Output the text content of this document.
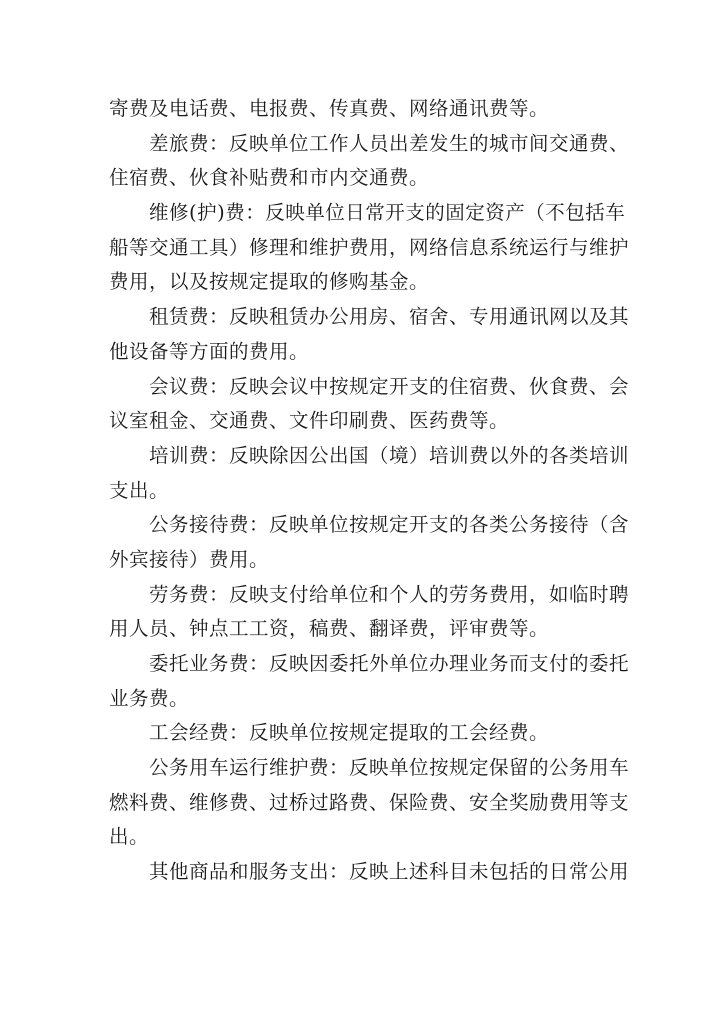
寄费及电话费、电报费、传真费、网络通讯费等。
差旅费：反映单位工作人员出差发生的城市间交通费、
住宿费、伙食补贴费和市内交通费。
维修(护)费：反映单位日常开支的固定资产（不包括车
船等交通工具）修理和维护费用，网络信息系统运行与维护
费用，以及按规定提取的修购基金。
租赁费：反映租赁办公用房、宿舍、专用通讯网以及其
他设备等方面的费用。
会议费：反映会议中按规定开支的住宿费、伙食费、会
议室租金、交通费、文件印刷费、医药费等。
培训费：反映除因公出国（境）培训费以外的各类培训
支出。
公务接待费：反映单位按规定开支的各类公务接待（含
外宾接待）费用。
劳务费：反映支付给单位和个人的劳务费用，如临时聘
用人员、钟点工工资，稿费、翻译费，评审费等。
委托业务费：反映因委托外单位办理业务而支付的委托
业务费。
工会经费：反映单位按规定提取的工会经费。
公务用车运行维护费：反映单位按规定保留的公务用车
燃料费、维修费、过桥过路费、保险费、安全奖励费用等支
出。
其他商品和服务支出：反映上述科目未包括的日常公用
